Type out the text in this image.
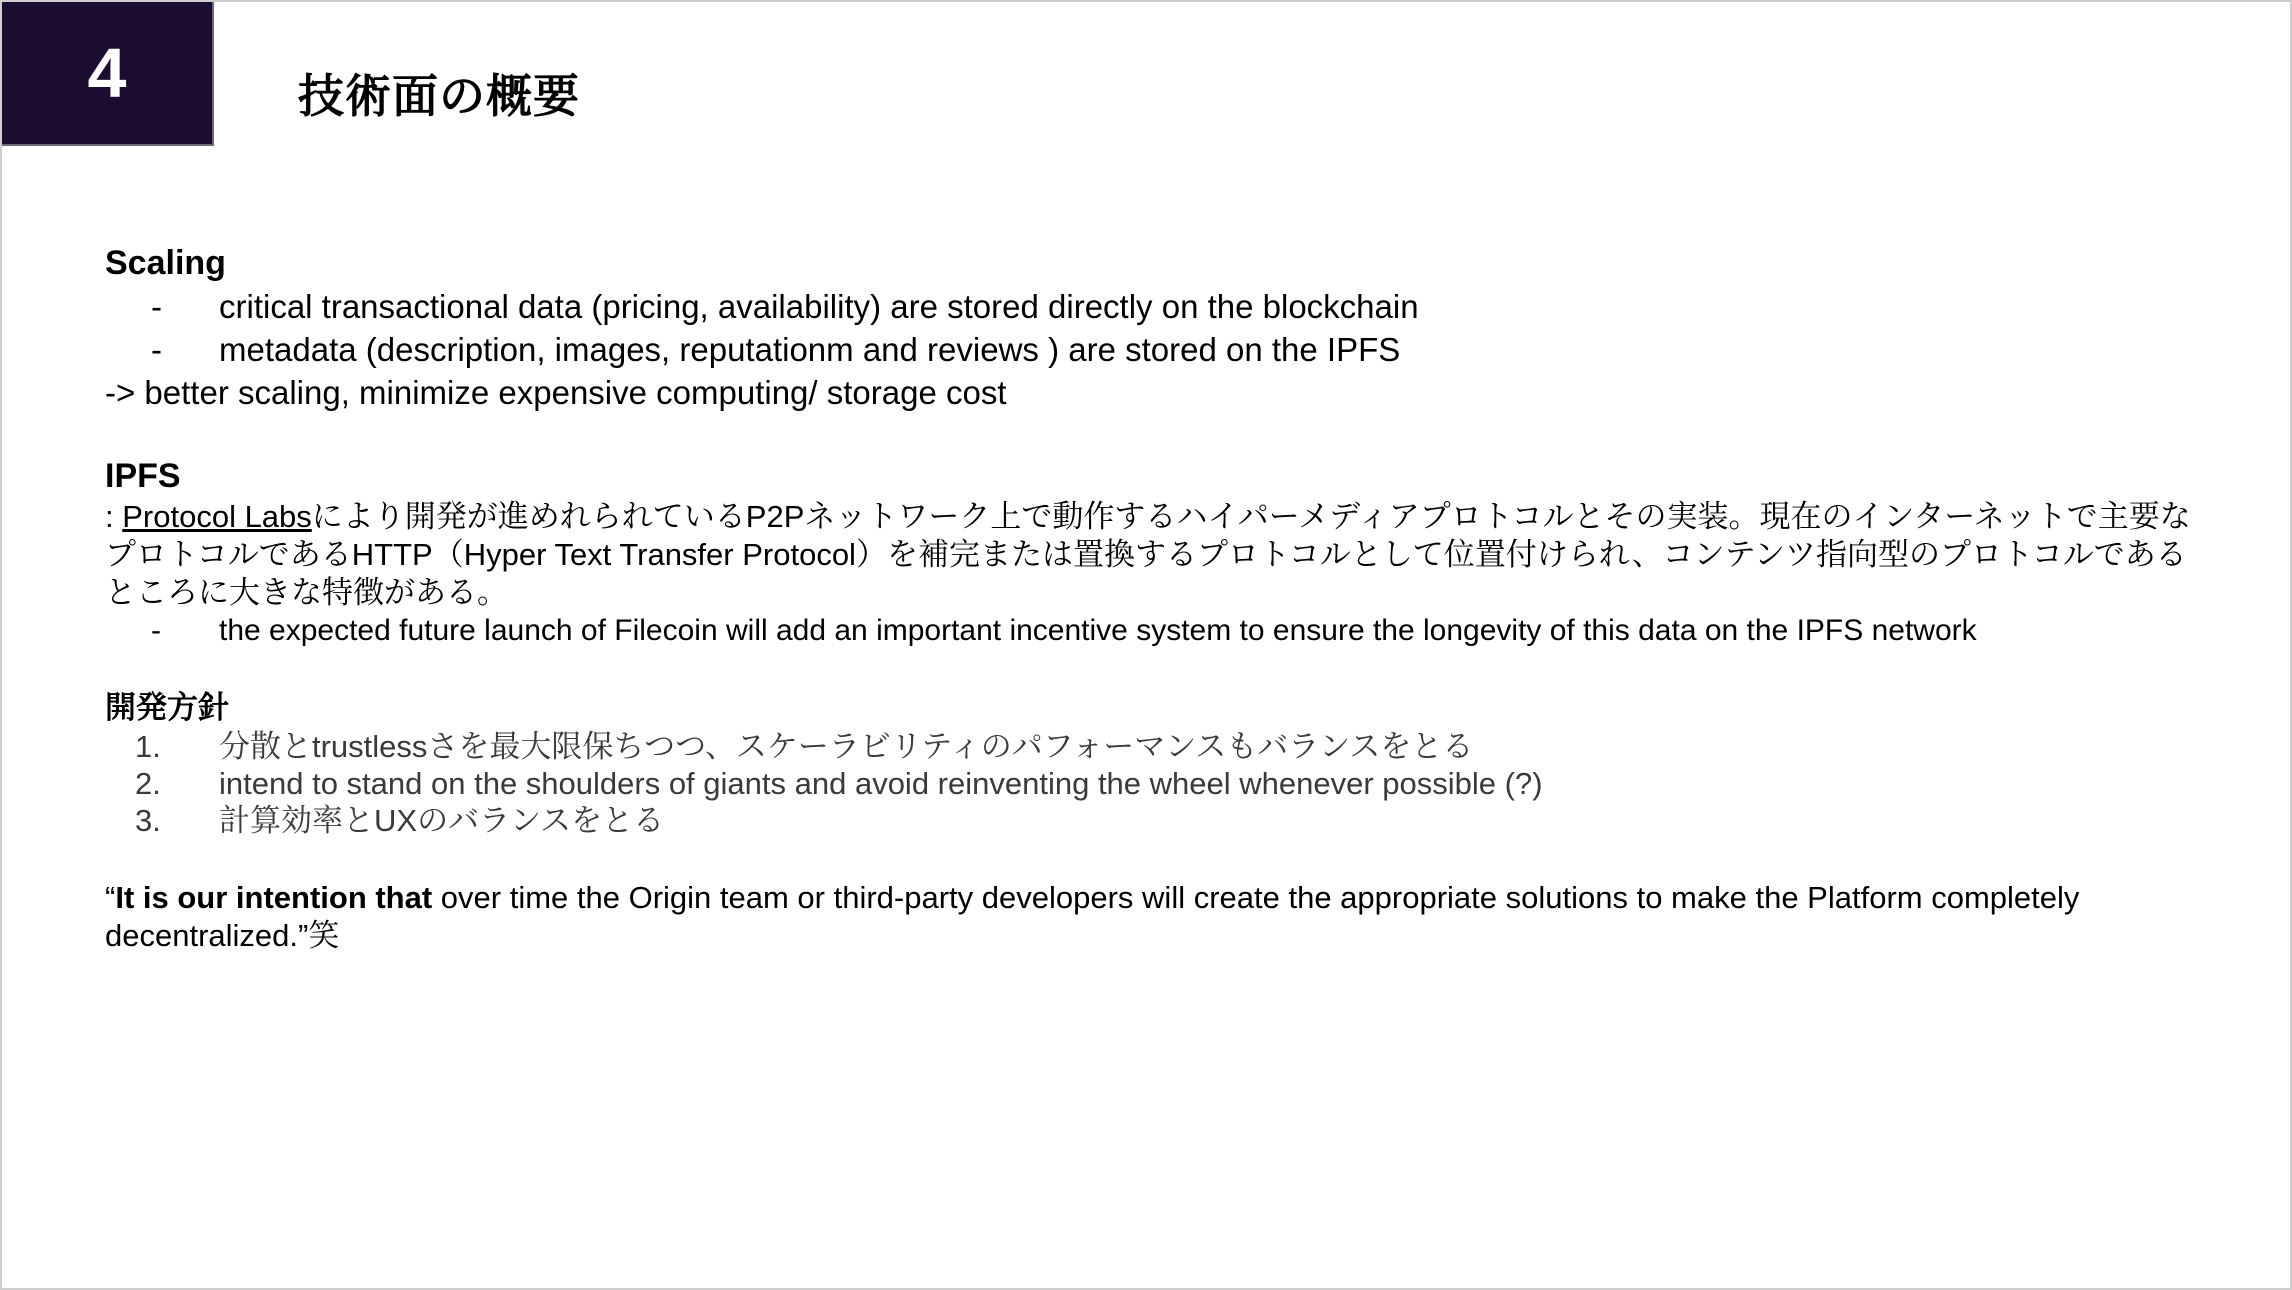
4	技術面の概要
Scaling
-	critical transactional data (pricing, availability) are stored directly on the blockchain
-	metadata (description, images, reputationm and reviews ) are stored on the IPFS
-> better scaling, minimize expensive computing/ storage cost
IPFS
: Protocol Labsにより開発が進めれられているP2Pネットワーク上で動作するハイパーメディアプロトコルとその実装。現在のインターネットで主要なプロトコルであるHTTP（Hyper Text Transfer Protocol）を補完または置換するプロトコルとして位置付けられ、コンテンツ指向型のプロトコルであるところに大きな特徴がある。
-	the expected future launch of Filecoin will add an important incentive system to ensure the longevity of this data on the IPFS network
開発方針
1.	分散とtrustlessさを最大限保ちつつ、スケーラビリティのパフォーマンスもバランスをとる
2.	intend to stand on the shoulders of giants and avoid reinventing the wheel whenever possible (?)
3.	計算効率とUXのバランスをとる
“It is our intention that over time the Origin team or third-party developers will create the appropriate solutions to make the Platform completely decentralized.”笑
